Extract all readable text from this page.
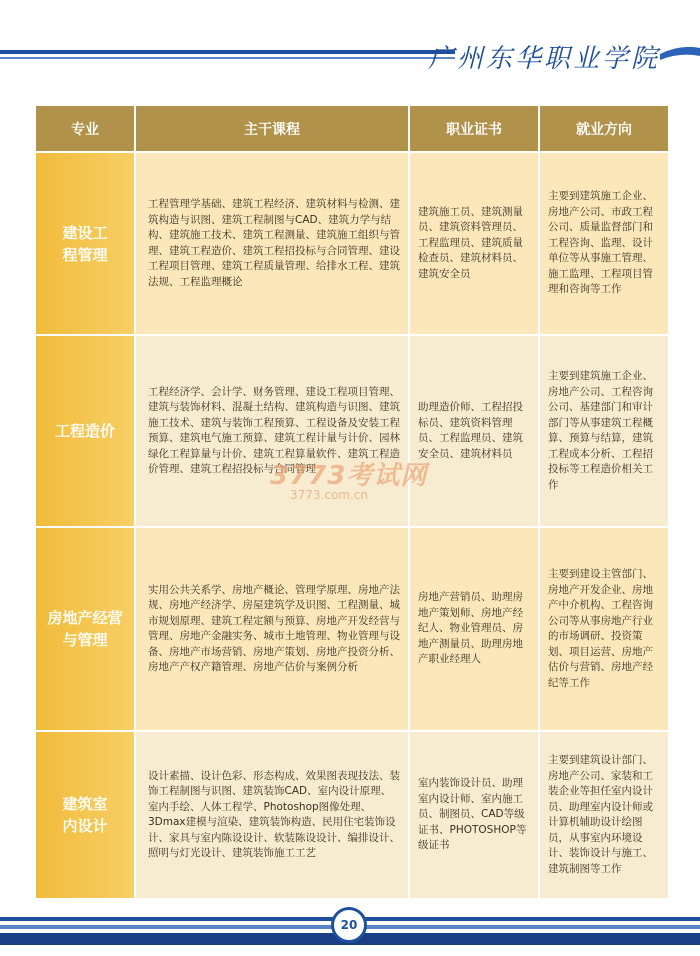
广州东华职业学院
专业	主干课程	职业证书	就业方向
建设工
程管理	工程管理学基础、建筑工程经济、建筑材料与检测、建筑构造与识图、建筑工程制图与CAD、建筑力学与结构、建筑施工技术、建筑工程测量、建筑施工组织与管理、建筑工程造价、建筑工程招投标与合同管理、建设工程项目管理、建筑工程质量管理、给排水工程、建筑法规、工程监理概论	建筑施工员、建筑测量员、建筑资料管理员、工程监理员、建筑质量检查员、建筑材料员、建筑安全员	主要到建筑施工企业、房地产公司、市政工程公司、质量监督部门和工程咨询、监理、设计单位等从事施工管理、施工监理、工程项目管理和咨询等工作
工程造价	工程经济学、会计学、财务管理、建设工程项目管理、建筑与装饰材料、混凝土结构、建筑构造与识图、建筑施工技术、建筑与装饰工程预算、工程设备及安装工程预算、建筑电气施工预算、建筑工程计量与计价、园林绿化工程算量与计价、建筑工程算量软件、建筑工程造价管理、建筑工程招投标与合同管理	助理造价师、工程招投标员、建筑资料管理员、工程监理员、建筑安全员、建筑材料员	主要到建筑施工企业、房地产公司、工程咨询公司、基建部门和审计部门等从事建筑工程概算、预算与结算，建筑工程成本分析、工程招投标等工程造价相关工作
房地产经营
与管理	实用公共关系学、房地产概论、管理学原理、房地产法规、房地产经济学、房屋建筑学及识图、工程测量、城市规划原理、建筑工程定额与预算、房地产开发经营与管理、房地产金融实务、城市土地管理、物业管理与设备、房地产市场营销、房地产策划、房地产投资分析、房地产产权产籍管理、房地产估价与案例分析	房地产营销员、助理房地产策划师、房地产经纪人、物业管理员、房地产测量员、助理房地产职业经理人	主要到建设主管部门、房地产开发企业、房地产中介机构、工程咨询公司等从事房地产行业的市场调研、投资策划、项目运营、房地产估价与营销、房地产经纪等工作
建筑室
内设计	设计素描、设计色彩、形态构成、效果图表现技法、装饰工程制图与识图、建筑装饰CAD、室内设计原理、室内手绘、人体工程学、Photoshop图像处理、3Dmax建模与渲染、建筑装饰构造、民用住宅装饰设计、家具与室内陈设设计、软装陈设设计、编排设计、照明与灯光设计、建筑装饰施工工艺	室内装饰设计员、助理室内设计师、室内施工员、制图员、CAD等级证书、PHOTOSHOP等级证书	主要到建筑设计部门、房地产公司、家装和工装企业等担任室内设计员、助理室内设计师或计算机辅助设计绘图员，从事室内环境设计、装饰设计与施工、建筑制图等工作
3773考试网
3773.com.cn
20
